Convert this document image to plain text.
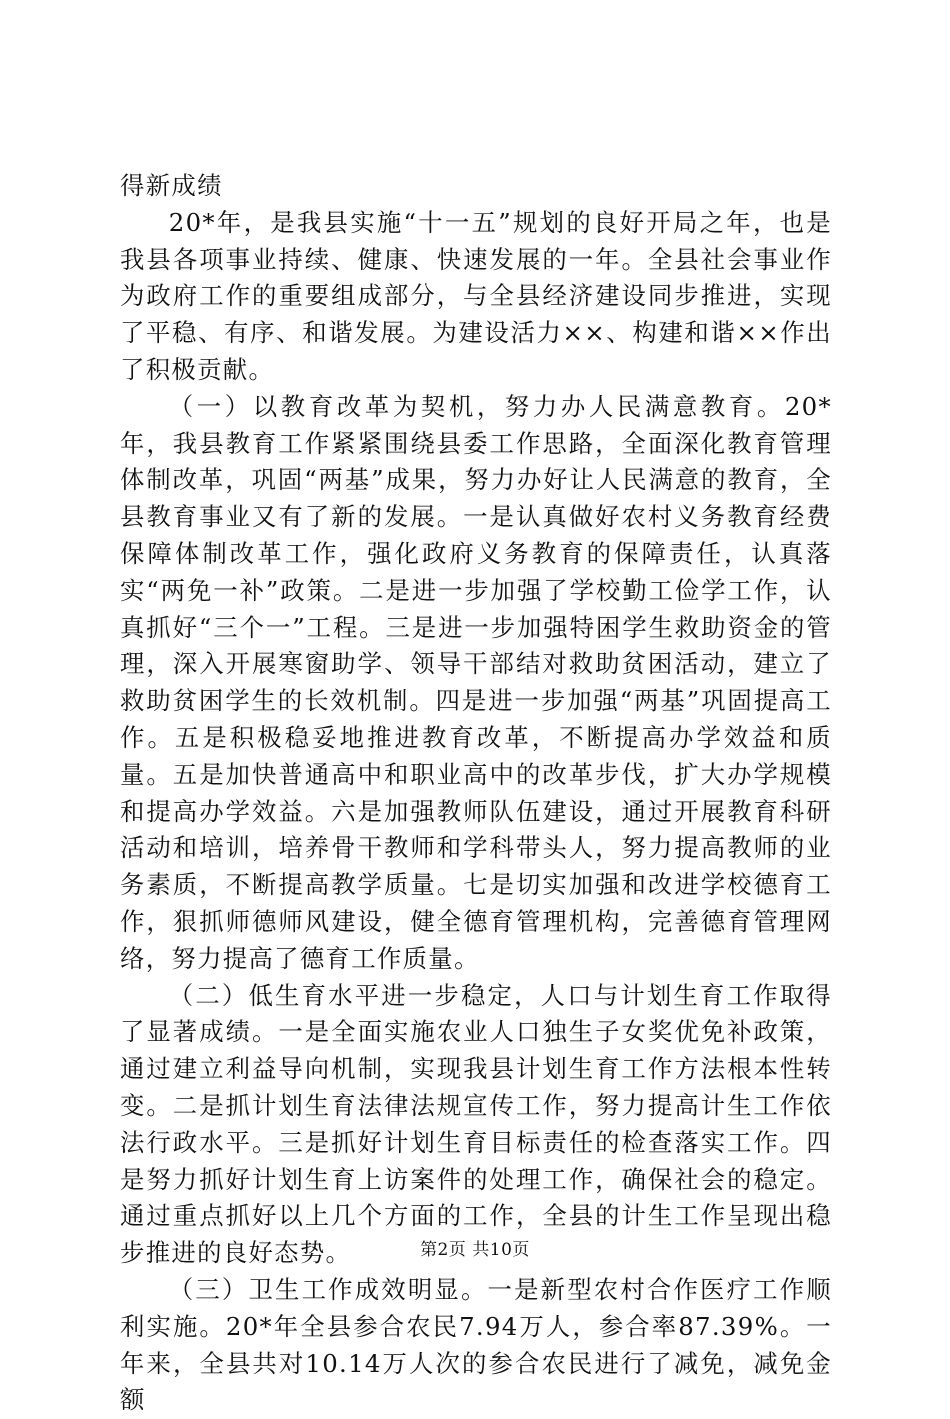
得新成绩

20*年，是我县实施“十一五”规划的良好开局之年，也是我县各项事业持续、健康、快速发展的一年。全县社会事业作为政府工作的重要组成部分，与全县经济建设同步推进，实现了平稳、有序、和谐发展。为建设活力××、构建和谐××作出了积极贡献。

（一）以教育改革为契机，努力办人民满意教育。20*年，我县教育工作紧紧围绕县委工作思路，全面深化教育管理体制改革，巩固“两基”成果，努力办好让人民满意的教育，全县教育事业又有了新的发展。一是认真做好农村义务教育经费保障体制改革工作，强化政府义务教育的保障责任，认真落实“两免一补”政策。二是进一步加强了学校勤工俭学工作，认真抓好“三个一”工程。三是进一步加强特困学生救助资金的管理，深入开展寒窗助学、领导干部结对救助贫困活动，建立了救助贫困学生的长效机制。四是进一步加强“两基”巩固提高工作。五是积极稳妥地推进教育改革，不断提高办学效益和质量。五是加快普通高中和职业高中的改革步伐，扩大办学规模和提高办学效益。六是加强教师队伍建设，通过开展教育科研活动和培训，培养骨干教师和学科带头人，努力提高教师的业务素质，不断提高教学质量。七是切实加强和改进学校德育工作，狠抓师德师风建设，健全德育管理机构，完善德育管理网络，努力提高了德育工作质量。

（二）低生育水平进一步稳定，人口与计划生育工作取得了显著成绩。一是全面实施农业人口独生子女奖优免补政策，通过建立利益导向机制，实现我县计划生育工作方法根本性转变。二是抓计划生育法律法规宣传工作，努力提高计生工作依法行政水平。三是抓好计划生育目标责任的检查落实工作。四是努力抓好计划生育上访案件的处理工作，确保社会的稳定。通过重点抓好以上几个方面的工作，全县的计生工作呈现出稳步推进的良好态势。

（三）卫生工作成效明显。一是新型农村合作医疗工作顺利实施。20*年全县参合农民7.94万人，参合率87.39%。一年来，全县共对10.14万人次的参合农民进行了减免，减免金额

第2页 共10页
